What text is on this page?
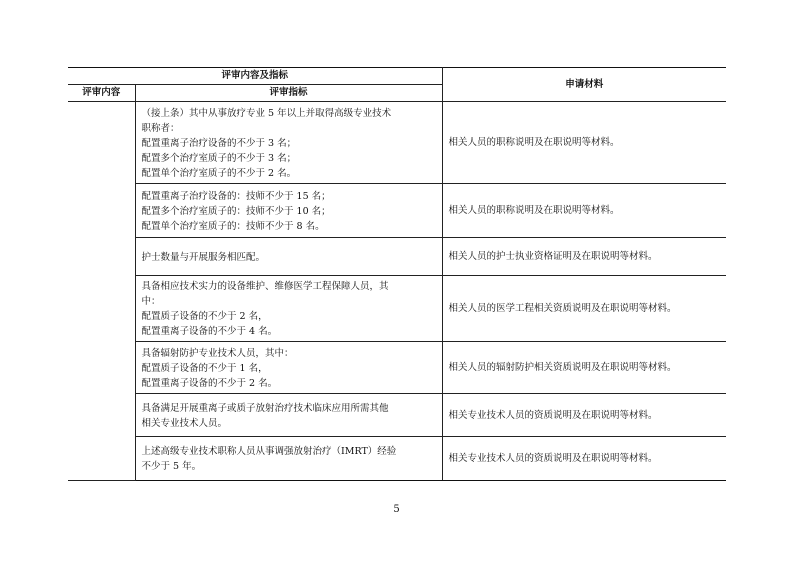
评审内容及指标		申请材料
评审内容	评审指标	

	（接上条）其中从事放疗专业 5 年以上并取得高级专业技术
职称者：
配置重离子治疗设备的不少于 3 名；
配置多个治疗室质子的不少于 3 名；
配置单个治疗室质子的不少于 2 名。	相关人员的职称说明及在职说明等材料。

	配置重离子治疗设备的：技师不少于 15 名；
配置多个治疗室质子的：技师不少于 10 名；
配置单个治疗室质子的：技师不少于 8 名。	相关人员的职称说明及在职说明等材料。

	护士数量与开展服务相匹配。	相关人员的护士执业资格证明及在职说明等材料。

	具备相应技术实力的设备维护、维修医学工程保障人员，其
中：
配置质子设备的不少于 2 名，
配置重离子设备的不少于 4 名。	相关人员的医学工程相关资质说明及在职说明等材料。

	具备辐射防护专业技术人员，其中：
配置质子设备的不少于 1 名，
配置重离子设备的不少于 2 名。	相关人员的辐射防护相关资质说明及在职说明等材料。

	具备满足开展重离子或质子放射治疗技术临床应用所需其他
相关专业技术人员。	相关专业技术人员的资质说明及在职说明等材料。

	上述高级专业技术职称人员从事调强放射治疗（IMRT）经验
不少于 5 年。	相关专业技术人员的资质说明及在职说明等材料。
5
